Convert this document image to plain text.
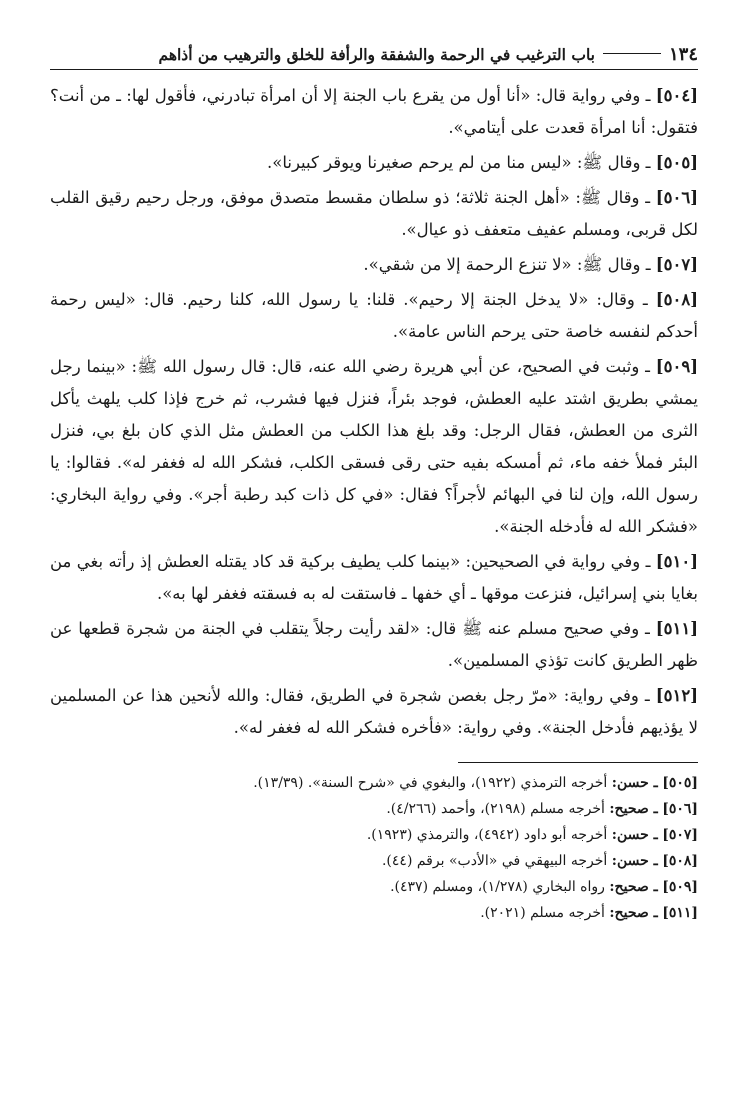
١٣٤
باب الترغيب في الرحمة والشفقة والرأفة للخلق والترهيب من أذاهم

[٥٠٤] ـ وفي رواية قال: «أنا أول من يقرع باب الجنة إلا أن امرأة تبادرني، فأقول لها: ـ من أنت؟ فتقول: أنا امرأة قعدت على أيتامي».

[٥٠٥] ـ وقال ﷺ: «ليس منا من لم يرحم صغيرنا ويوقر كبيرنا».

[٥٠٦] ـ وقال ﷺ: «أهل الجنة ثلاثة؛ ذو سلطان مقسط متصدق موفق، ورجل رحيم رقيق القلب لكل قربى، ومسلم عفيف متعفف ذو عيال».

[٥٠٧] ـ وقال ﷺ: «لا تنزع الرحمة إلا من شقي».

[٥٠٨] ـ وقال: «لا يدخل الجنة إلا رحيم». قلنا: يا رسول الله، كلنا رحيم. قال: «ليس رحمة أحدكم لنفسه خاصة حتى يرحم الناس عامة».

[٥٠٩] ـ وثبت في الصحيح، عن أبي هريرة رضي الله عنه، قال: قال رسول الله ﷺ: «بينما رجل يمشي بطريق اشتد عليه العطش، فوجد بئراً، فنزل فيها فشرب، ثم خرج فإذا كلب يلهث يأكل الثرى من العطش، فقال الرجل: وقد بلغ هذا الكلب من العطش مثل الذي كان بلغ بي، فنزل البئر فملأ خفه ماء، ثم أمسكه بفيه حتى رقى فسقى الكلب، فشكر الله له فغفر له». فقالوا: يا رسول الله، وإن لنا في البهائم لأجراً؟ فقال: «في كل ذات كبد رطبة أجر». وفي رواية البخاري: «فشكر الله له فأدخله الجنة».

[٥١٠] ـ وفي رواية في الصحيحين: «بينما كلب يطيف بركية قد كاد يقتله العطش إذ رأته بغي من بغايا بني إسرائيل، فنزعت موقها ـ أي خفها ـ فاستقت له به فسقته فغفر لها به».

[٥١١] ـ وفي صحيح مسلم عنه ﷺ قال: «لقد رأيت رجلاً يتقلب في الجنة من شجرة قطعها عن ظهر الطريق كانت تؤذي المسلمين».

[٥١٢] ـ وفي رواية: «مرّ رجل بغصن شجرة في الطريق، فقال: والله لأنحين هذا عن المسلمين لا يؤذيهم فأدخل الجنة». وفي رواية: «فأخره فشكر الله له فغفر له».

[٥٠٥] ـ حسن: أخرجه الترمذي (١٩٢٢)، والبغوي في «شرح السنة». (١٣/٣٩).

[٥٠٦] ـ صحيح: أخرجه مسلم (٢١٩٨)، وأحمد (٤/٢٦٦).

[٥٠٧] ـ حسن: أخرجه أبو داود (٤٩٤٢)، والترمذي (١٩٢٣).

[٥٠٨] ـ حسن: أخرجه البيهقي في «الأدب» برقم (٤٤).

[٥٠٩] ـ صحيح: رواه البخاري (١/٢٧٨)، ومسلم (٤٣٧).

[٥١١] ـ صحيح: أخرجه مسلم (٢٠٢١).
